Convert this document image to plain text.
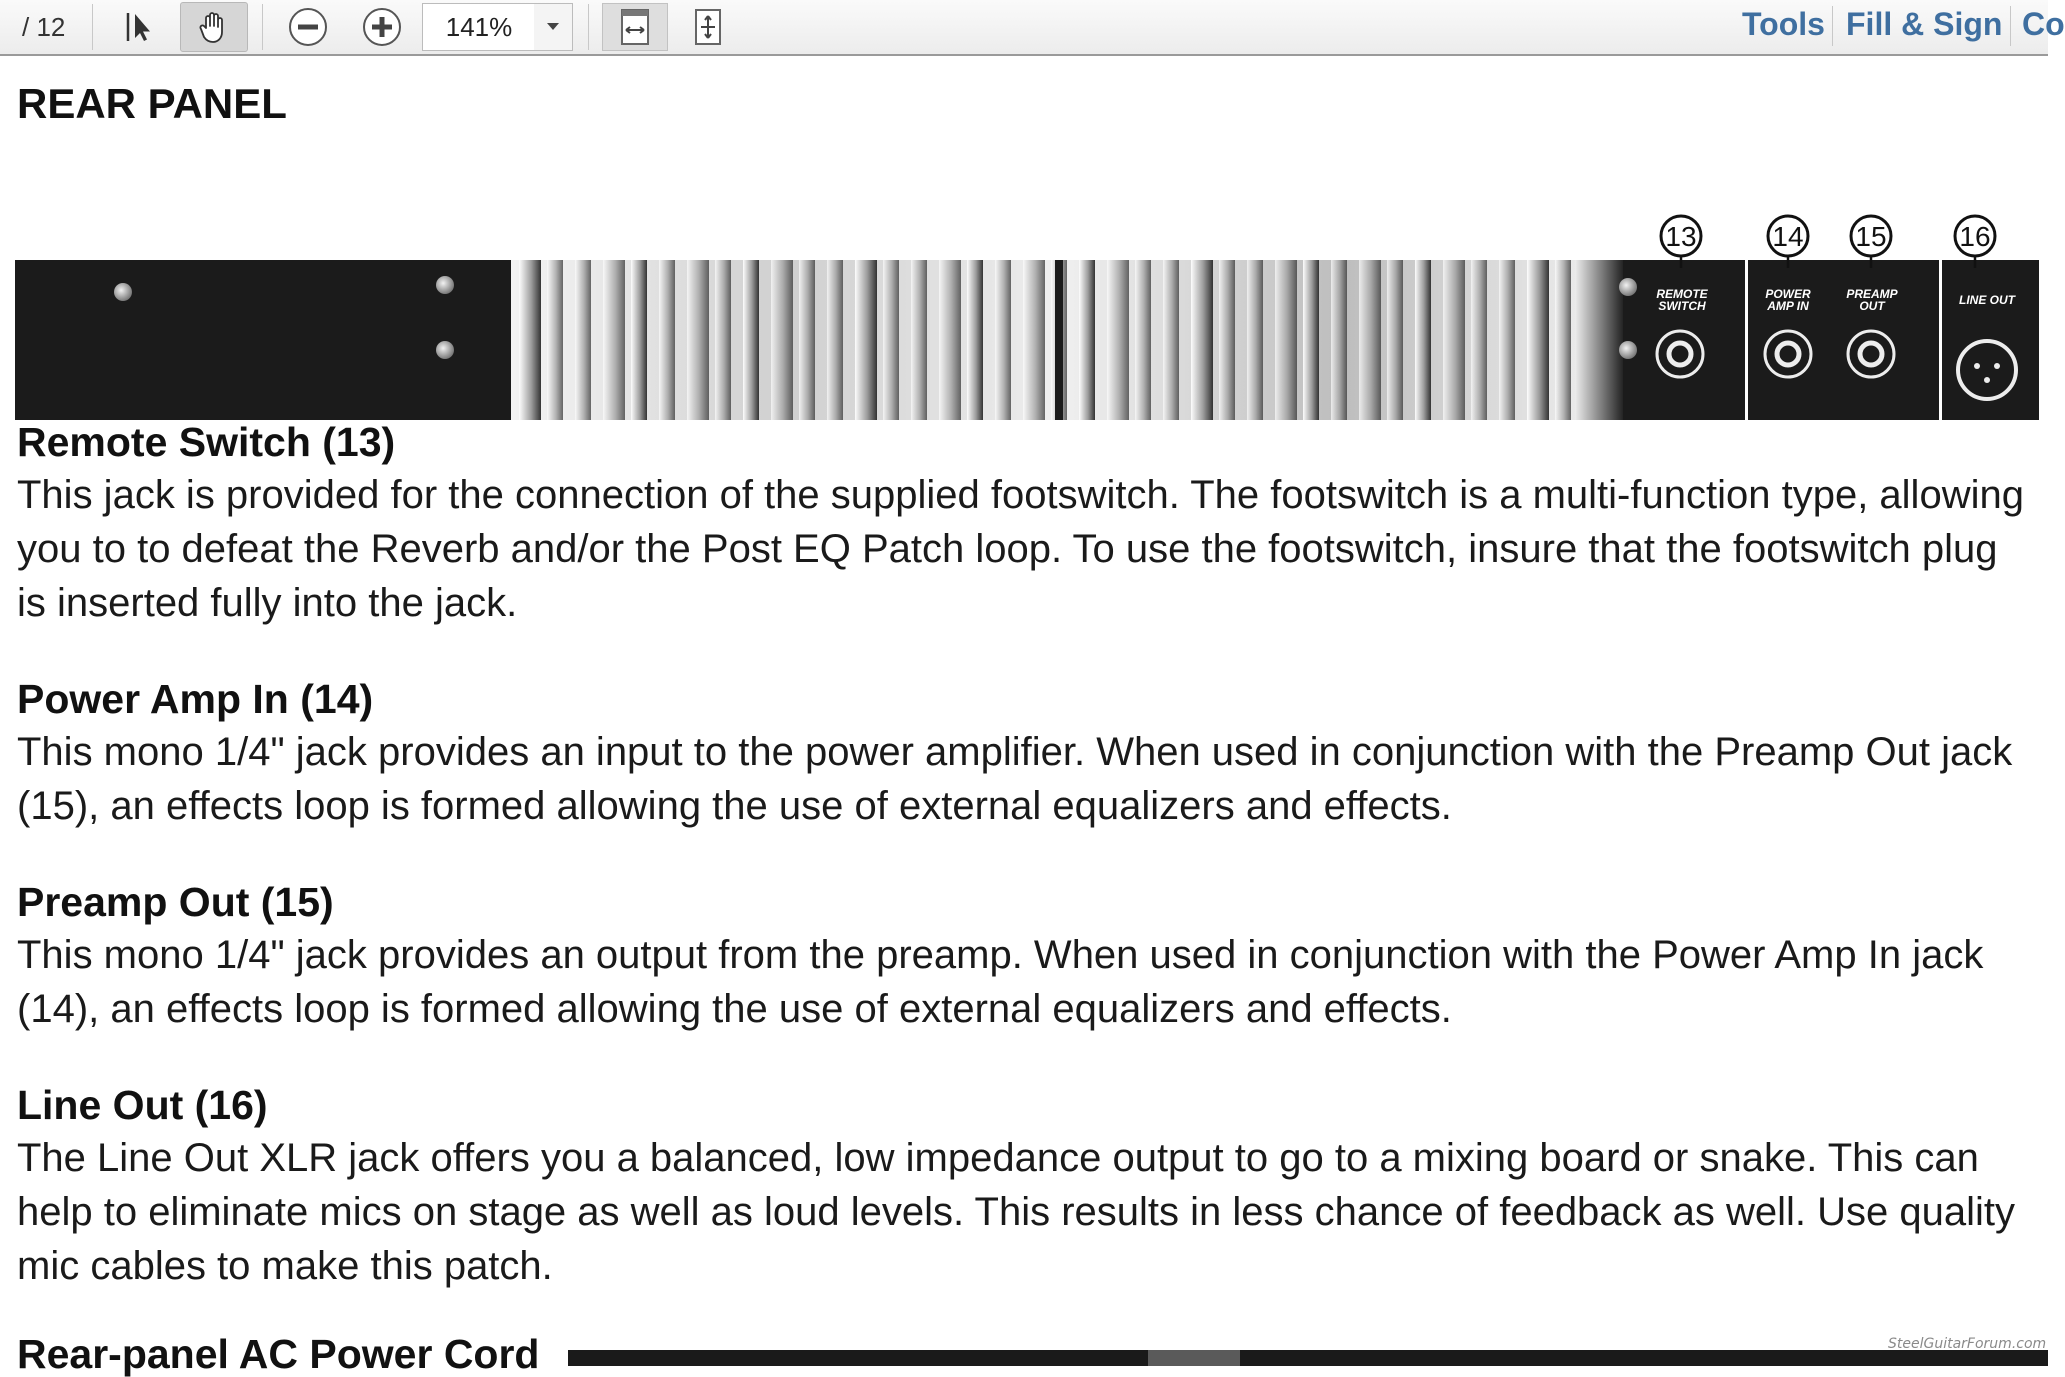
/ 12	141%	Tools Fill & Sign Co
REAR PANEL
REMOTE
SWITCH
POWER
AMP IN
PREAMP
OUT	LINE OUT
13	14 15	16
Remote Switch (13)

This jack is provided for the connection of the supplied footswitch. The footswitch is a multi-function type, allowing you to to defeat the Reverb and/or the Post EQ Patch loop. To use the footswitch, insure that the footswitch plug is inserted fully into the jack.

Power Amp In (14)

This mono 1/4" jack provides an input to the power amplifier. When used in conjunction with the Preamp Out jack (15), an effects loop is formed allowing the use of external equalizers and effects.

Preamp Out (15)

This mono 1/4" jack provides an output from the preamp. When used in conjunction with the Power Amp In jack (14), an effects loop is formed allowing the use of external equalizers and effects.

Line Out (16)

The Line Out XLR jack offers you a balanced, low impedance output to go to a mixing board or snake. This can help to eliminate mics on stage as well as loud levels. This results in less chance of feedback as well. Use quality mic cables to make this patch.

Rear-panel AC Power Cord	SteelGuitarForum.com
